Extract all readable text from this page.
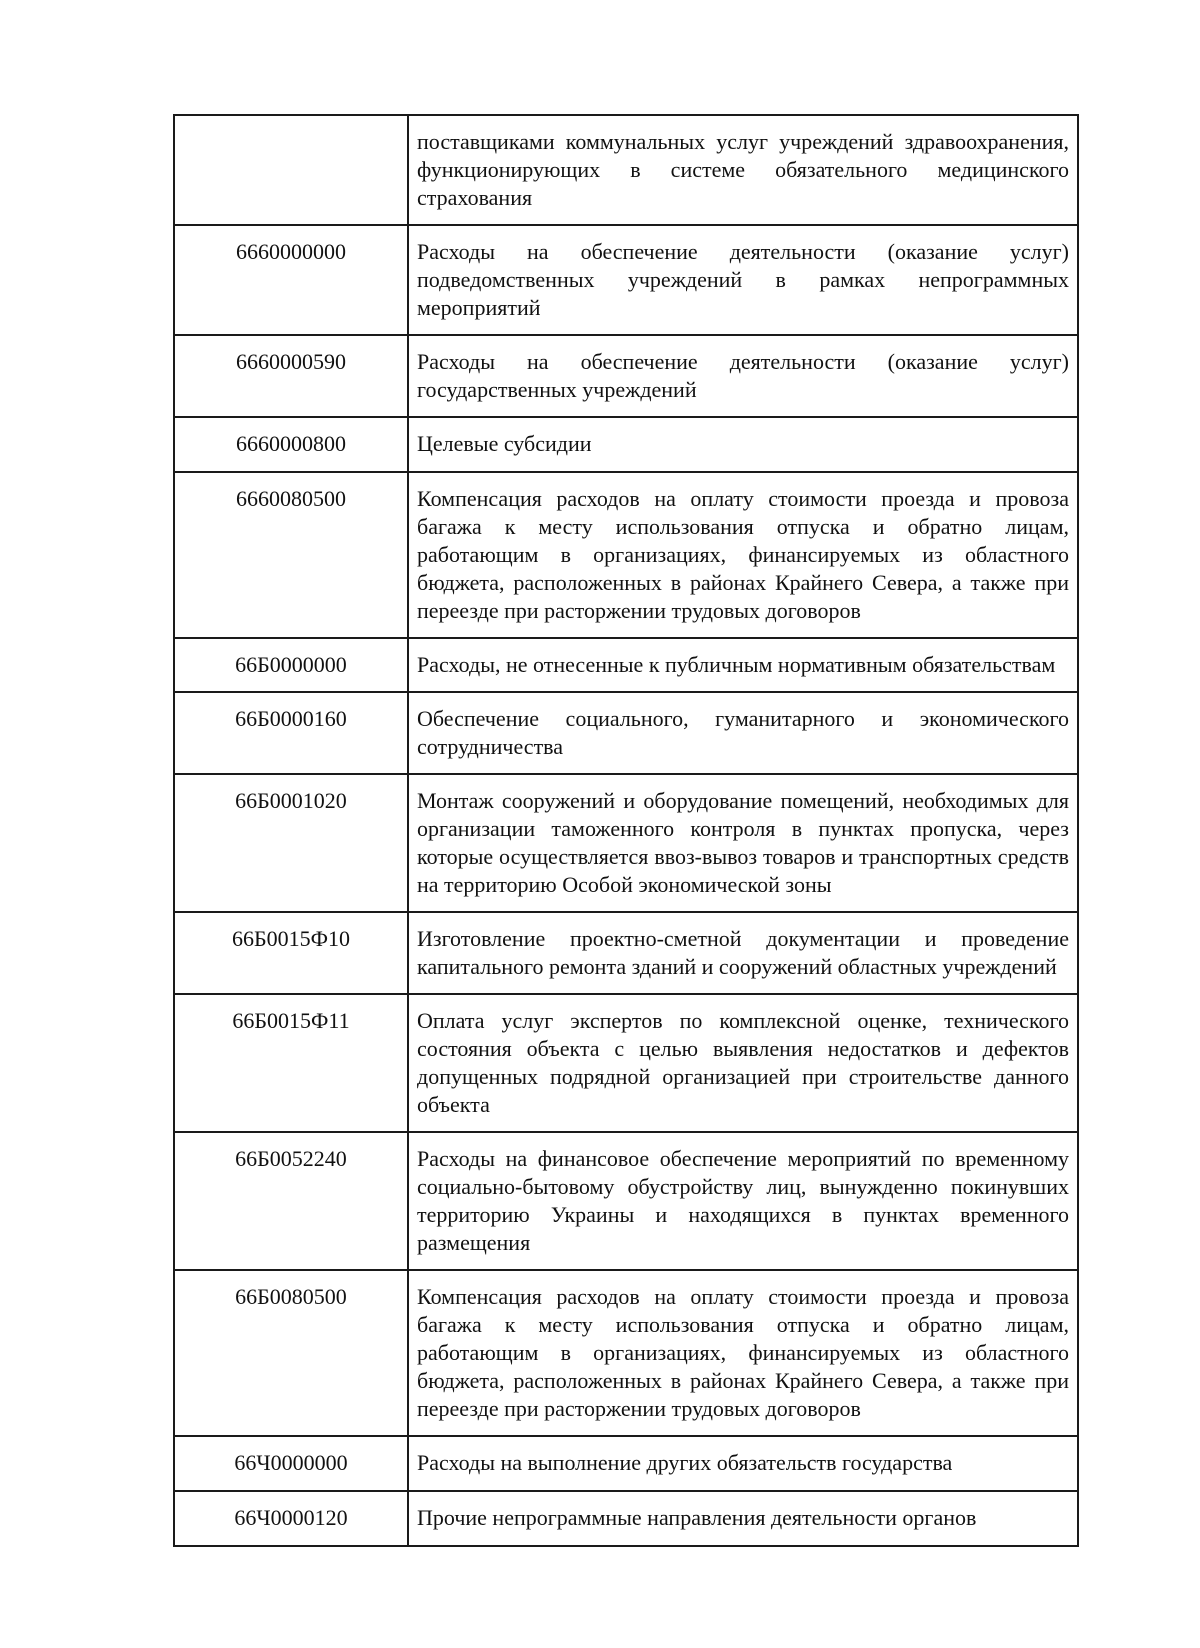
	поставщиками коммунальных услуг учреждений здравоохранения, функционирующих в системе обязательного медицинского страхования
6660000000	Расходы на обеспечение деятельности (оказание услуг) подведомственных учреждений в рамках непрограммных мероприятий
6660000590	Расходы на обеспечение деятельности (оказание услуг) государственных учреждений
6660000800	Целевые субсидии
6660080500	Компенсация расходов на оплату стоимости проезда и провоза багажа к месту использования отпуска и обратно лицам, работающим в организациях, финансируемых из областного бюджета, расположенных в районах Крайнего Севера, а также при переезде при расторжении трудовых договоров
66Б0000000	Расходы, не отнесенные к публичным нормативным обязательствам
66Б0000160	Обеспечение социального, гуманитарного и экономического сотрудничества
66Б0001020	Монтаж сооружений и оборудование помещений, необходимых для организации таможенного контроля в пунктах пропуска, через которые осуществляется ввоз-вывоз товаров и транспортных средств на территорию Особой экономической зоны
66Б0015Ф10	Изготовление проектно-сметной документации и проведение капитального ремонта зданий и сооружений областных учреждений
66Б0015Ф11	Оплата услуг экспертов по комплексной оценке, технического состояния объекта с целью выявления недостатков и дефектов допущенных подрядной организацией при строительстве данного объекта
66Б0052240	Расходы на финансовое обеспечение мероприятий по временному социально-бытовому обустройству лиц, вынужденно покинувших территорию Украины и находящихся в пунктах временного размещения
66Б0080500	Компенсация расходов на оплату стоимости проезда и провоза багажа к месту использования отпуска и обратно лицам, работающим в организациях, финансируемых из областного бюджета, расположенных в районах Крайнего Севера, а также при переезде при расторжении трудовых договоров
66Ч0000000	Расходы на выполнение других обязательств государства
66Ч0000120	Прочие непрограммные направления деятельности органов
